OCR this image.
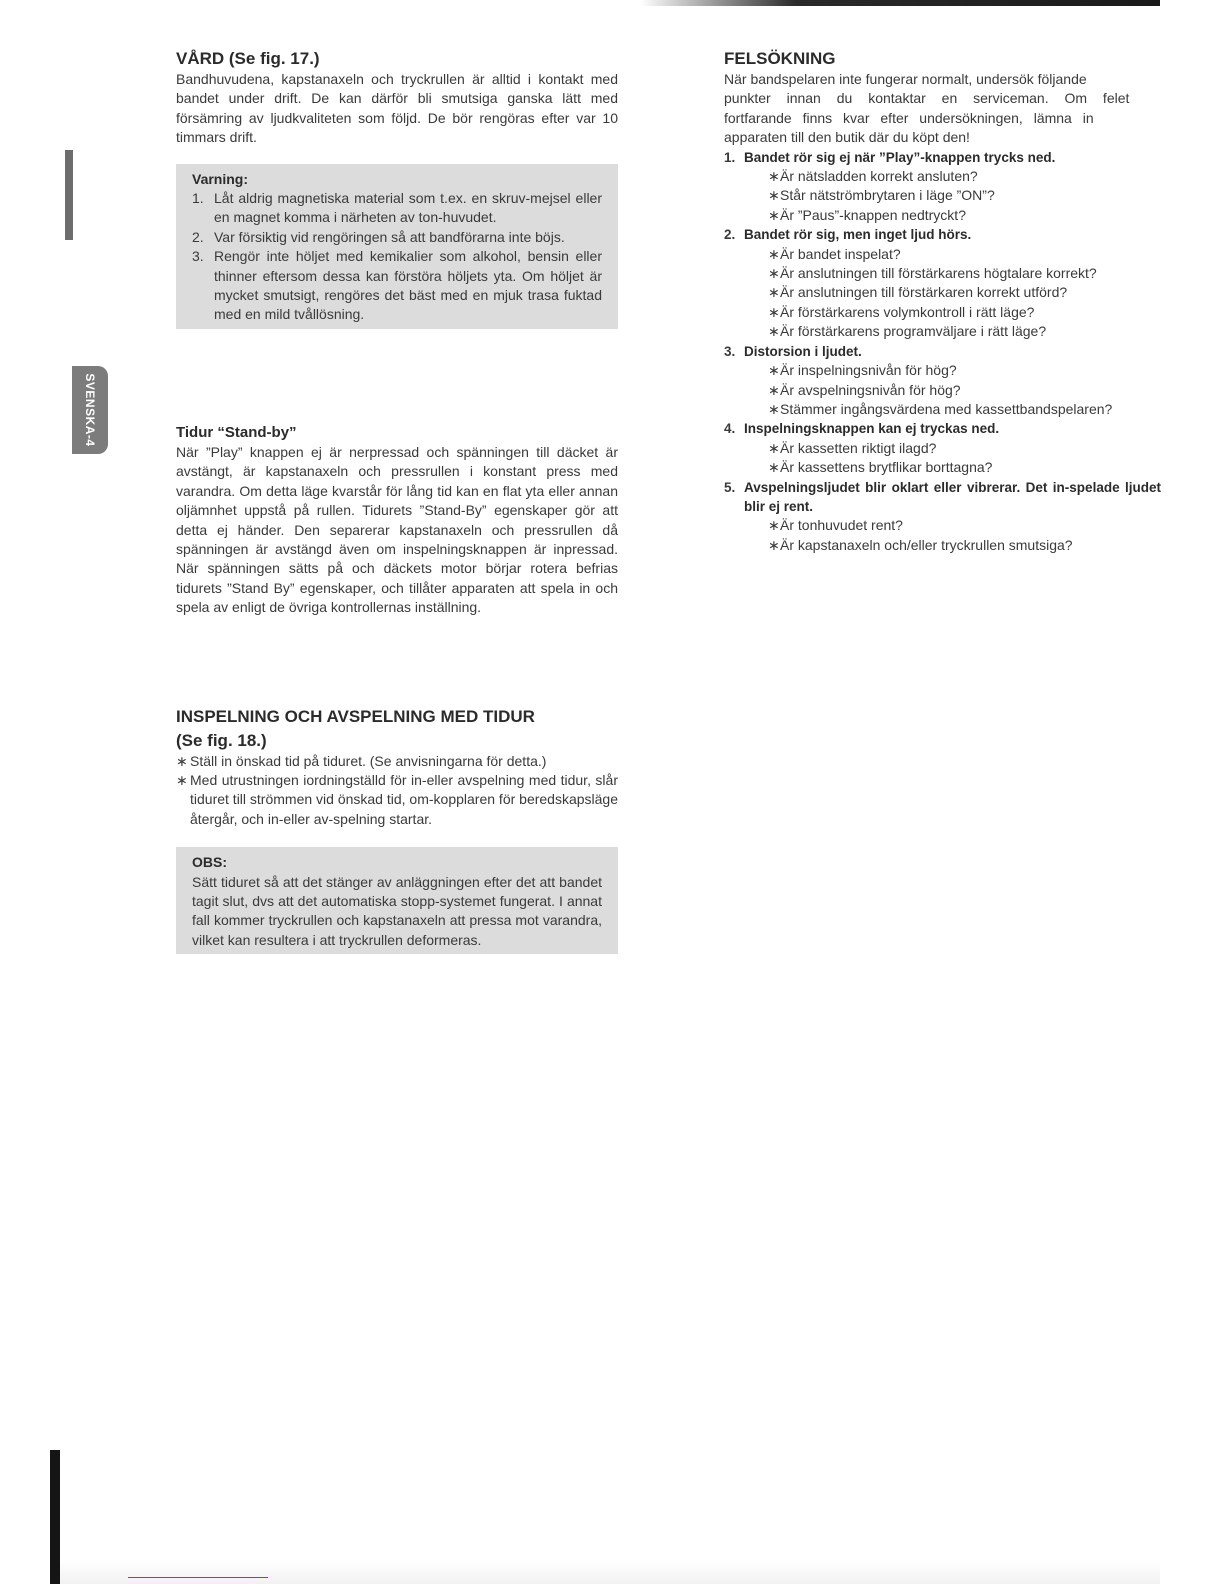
SVENSKA-4
VÅRD (Se fig. 17.)

Bandhuvudena, kapstanaxeln och tryckrullen är alltid i kontakt med bandet under drift. De kan därför bli smutsiga ganska lätt med försämring av ljudkvaliteten som följd. De bör rengöras efter var 10 timmars drift.

Varning:
1. Låt aldrig magnetiska material som t.ex. en skruv-mejsel eller en magnet komma i närheten av ton-huvudet.
2. Var försiktig vid rengöringen så att bandförarna inte böjs.
3. Rengör inte höljet med kemikalier som alkohol, bensin eller thinner eftersom dessa kan förstöra höljets yta. Om höljet är mycket smutsigt, rengöres det bäst med en mjuk trasa fuktad med en mild tvållösning.
Tidur “Stand-by”

När ”Play” knappen ej är nerpressad och spänningen till däcket är avstängt, är kapstanaxeln och pressrullen i konstant press med varandra. Om detta läge kvarstår för lång tid kan en flat yta eller annan oljämnhet uppstå på rullen. Tidurets ”Stand-By” egenskaper gör att detta ej händer. Den separerar kapstanaxeln och pressrullen då spänningen är avstängd även om inspelningsknappen är inpressad. När spänningen sätts på och däckets motor börjar rotera befrias tidurets ”Stand By” egenskaper, och tillåter apparaten att spela in och spela av enligt de övriga kontrollernas inställning.

INSPELNING OCH AVSPELNING MED TIDUR
(Se fig. 18.)
∗ Ställ in önskad tid på tiduret. (Se anvisningarna för detta.)
∗ Med utrustningen iordningställd för in-eller avspelning med tidur, slår tiduret till strömmen vid önskad tid, om-kopplaren för beredskapsläge återgår, och in-eller av-spelning startar.
OBS:

Sätt tiduret så att det stänger av anläggningen efter det att bandet tagit slut, dvs att det automatiska stopp-systemet fungerat. I annat fall kommer tryckrullen och kapstanaxeln att pressa mot varandra, vilket kan resultera i att tryckrullen deformeras.

FELSÖKNING
När bandspelaren inte fungerar normalt, undersök följande
punkter innan du kontaktar en serviceman. Om felet
fortfarande finns kvar efter undersökningen, lämna in
apparaten till den butik där du köpt den!
1. Bandet rör sig ej när ”Play”-knappen trycks ned.
∗Är nätsladden korrekt ansluten?
∗Står nätströmbrytaren i läge ”ON”?
∗Är ”Paus”-knappen nedtryckt?
2. Bandet rör sig, men inget ljud hörs.
∗Är bandet inspelat?
∗Är anslutningen till förstärkarens högtalare korrekt?
∗Är anslutningen till förstärkaren korrekt utförd?
∗Är förstärkarens volymkontroll i rätt läge?
∗Är förstärkarens programväljare i rätt läge?
3. Distorsion i ljudet.
∗Är inspelningsnivån för hög?
∗Är avspelningsnivån för hög?
∗Stämmer ingångsvärdena med kassettbandspelaren?
4. Inspelningsknappen kan ej tryckas ned.
∗Är kassetten riktigt ilagd?
∗Är kassettens brytflikar borttagna?
5. Avspelningsljudet blir oklart eller vibrerar. Det in-spelade ljudet blir ej rent.
∗Är tonhuvudet rent?
∗Är kapstanaxeln och/eller tryckrullen smutsiga?
